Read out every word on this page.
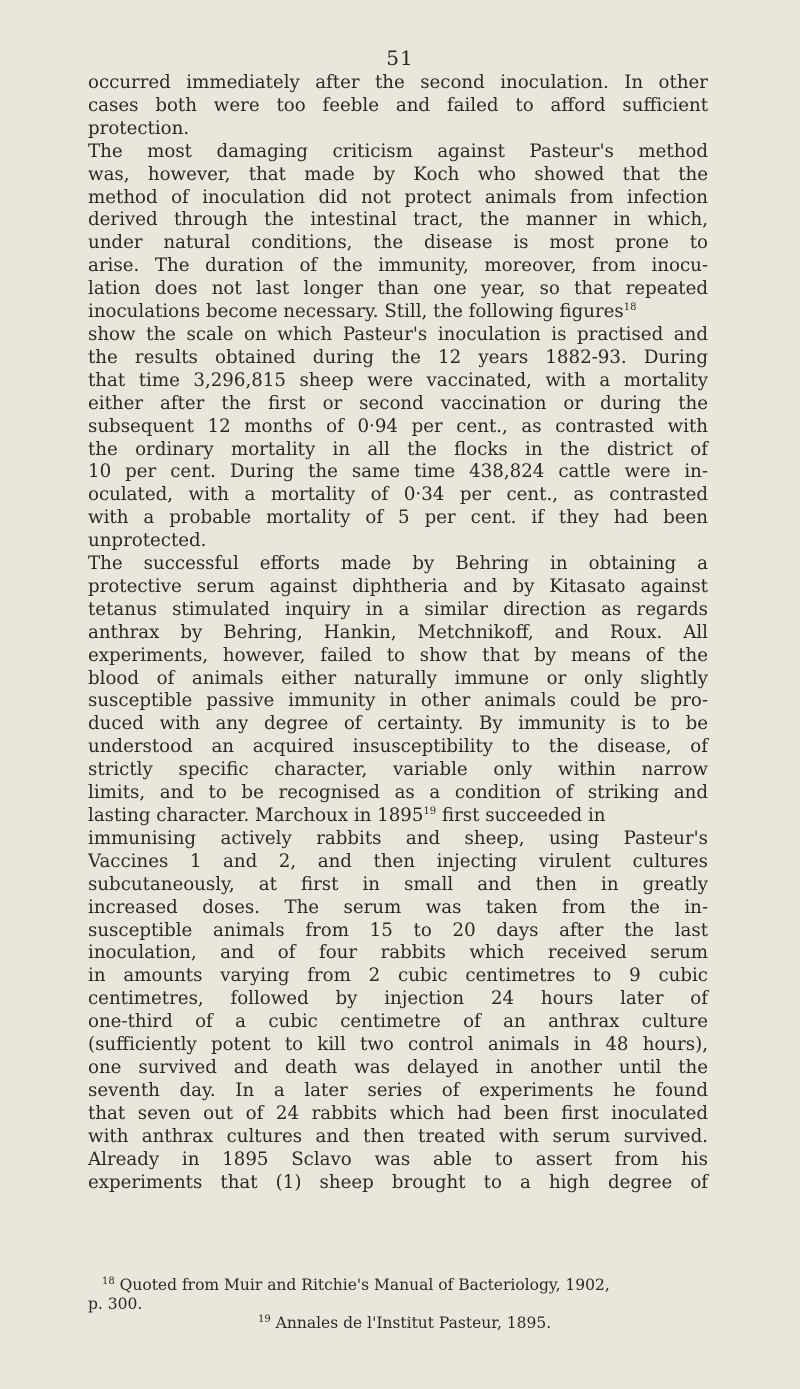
51
occurred immediately after the second inoculation. In other
cases both were too feeble and failed to afford sufficient
protection.
The most damaging criticism against Pasteur's method
was, however, that made by Koch who showed that the
method of inoculation did not protect animals from infection
derived through the intestinal tract, the manner in which,
under natural conditions, the disease is most prone to
arise. The duration of the immunity, moreover, from inocu-
lation does not last longer than one year, so that repeated
inoculations become necessary. Still, the following figures$^{18}$
show the scale on which Pasteur's inoculation is practised and
the results obtained during the 12 years 1882-93. During
that time 3,296,815 sheep were vaccinated, with a mortality
either after the first or second vaccination or during the
subsequent 12 months of 0·94 per cent., as contrasted with
the ordinary mortality in all the flocks in the district of
10 per cent. During the same time 438,824 cattle were in-
oculated, with a mortality of 0·34 per cent., as contrasted
with a probable mortality of 5 per cent. if they had been
unprotected.
The successful efforts made by Behring in obtaining a
protective serum against diphtheria and by Kitasato against
tetanus stimulated inquiry in a similar direction as regards
anthrax by Behring, Hankin, Metchnikoff, and Roux. All
experiments, however, failed to show that by means of the
blood of animals either naturally immune or only slightly
susceptible passive immunity in other animals could be pro-
duced with any degree of certainty. By immunity is to be
understood an acquired insusceptibility to the disease, of
strictly specific character, variable only within narrow
limits, and to be recognised as a condition of striking and
lasting character. Marchoux in 1895$^{19}$ first succeeded in
immunising actively rabbits and sheep, using Pasteur's
Vaccines 1 and 2, and then injecting virulent cultures
subcutaneously, at first in small and then in greatly
increased doses. The serum was taken from the in-
susceptible animals from 15 to 20 days after the last
inoculation, and of four rabbits which received serum
in amounts varying from 2 cubic centimetres to 9 cubic
centimetres, followed by injection 24 hours later of
one-third of a cubic centimetre of an anthrax culture
(sufficiently potent to kill two control animals in 48 hours),
one survived and death was delayed in another until the
seventh day. In a later series of experiments he found
that seven out of 24 rabbits which had been first inoculated
with anthrax cultures and then treated with serum survived.
Already in 1895 Sclavo was able to assert from his
experiments that (1) sheep brought to a high degree of
$^{18}$ Quoted from Muir and Ritchie's Manual of Bacteriology, 1902,
p. 300.
$^{19}$ Annales de l'Institut Pasteur, 1895.
